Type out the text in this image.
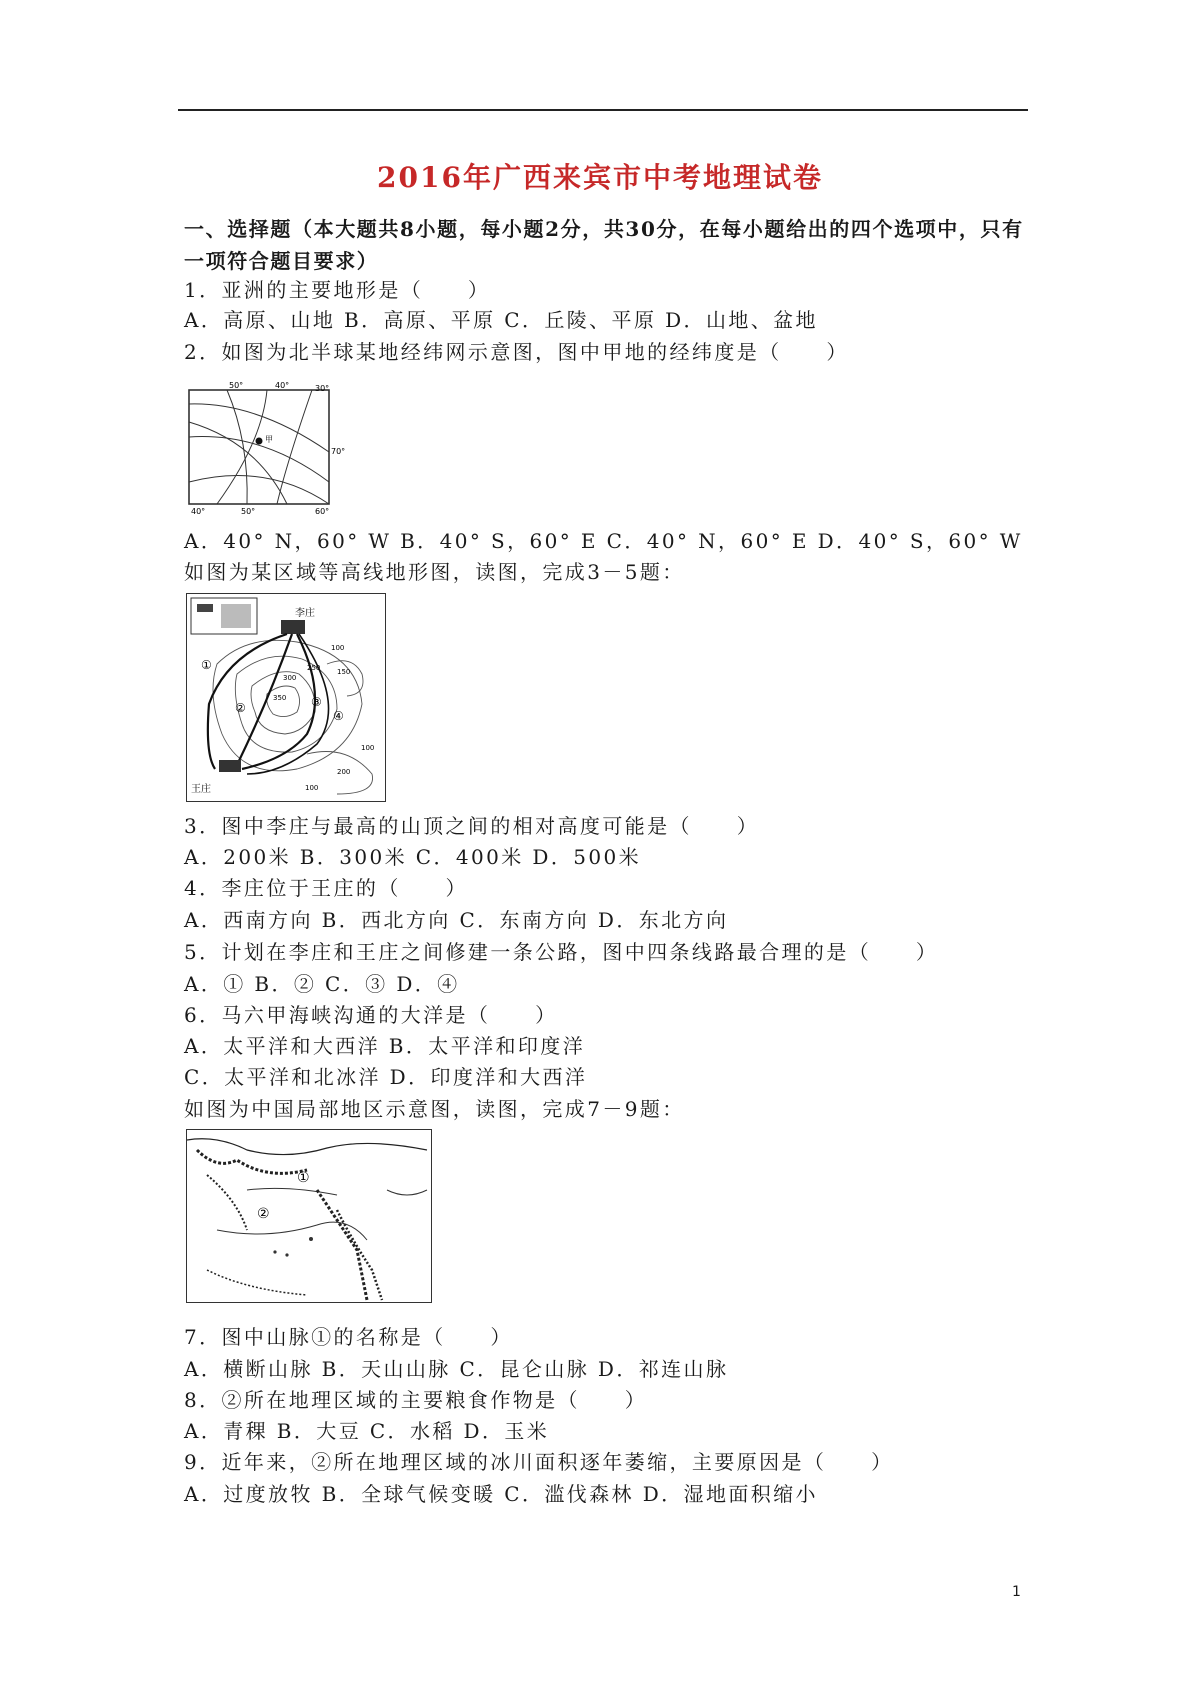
2016年广西来宾市中考地理试卷
一、选择题（本大题共8小题，每小题2分，共30分，在每小题给出的四个选项中，只有一项符合题目要求）
1．亚洲的主要地形是（　　）
A．高原、山地 B．高原、平原 C．丘陵、平原 D．山地、盆地
2．如图为北半球某地经纬网示意图，图中甲地的经纬度是（　　）
甲
50°	40°	30°
70°
40°	50°	60°
A．40° N，60° W B．40° S，60° E C．40° N，60° E D．40° S，60° W
如图为某区域等高线地形图，读图，完成3－5题：
李庄
①
②	③
④
100
150
250
300
350
100
200
100
王庄
3．图中李庄与最高的山顶之间的相对高度可能是（　　）
A．200米 B．300米 C．400米 D．500米
4．李庄位于王庄的（　　）
A．西南方向 B．西北方向 C．东南方向 D．东北方向
5．计划在李庄和王庄之间修建一条公路，图中四条线路最合理的是（　　）
A．① B．② C．③ D．④
6．马六甲海峡沟通的大洋是（　　）
A．太平洋和大西洋 B．太平洋和印度洋
C．太平洋和北冰洋 D．印度洋和大西洋
如图为中国局部地区示意图，读图，完成7－9题：
①
②
7．图中山脉①的名称是（　　）
A．横断山脉 B．天山山脉 C．昆仑山脉 D．祁连山脉
8．②所在地理区域的主要粮食作物是（　　）
A．青稞 B．大豆 C．水稻 D．玉米
9．近年来，②所在地理区域的冰川面积逐年萎缩，主要原因是（　　）
A．过度放牧 B．全球气候变暖 C．滥伐森林 D．湿地面积缩小
1
